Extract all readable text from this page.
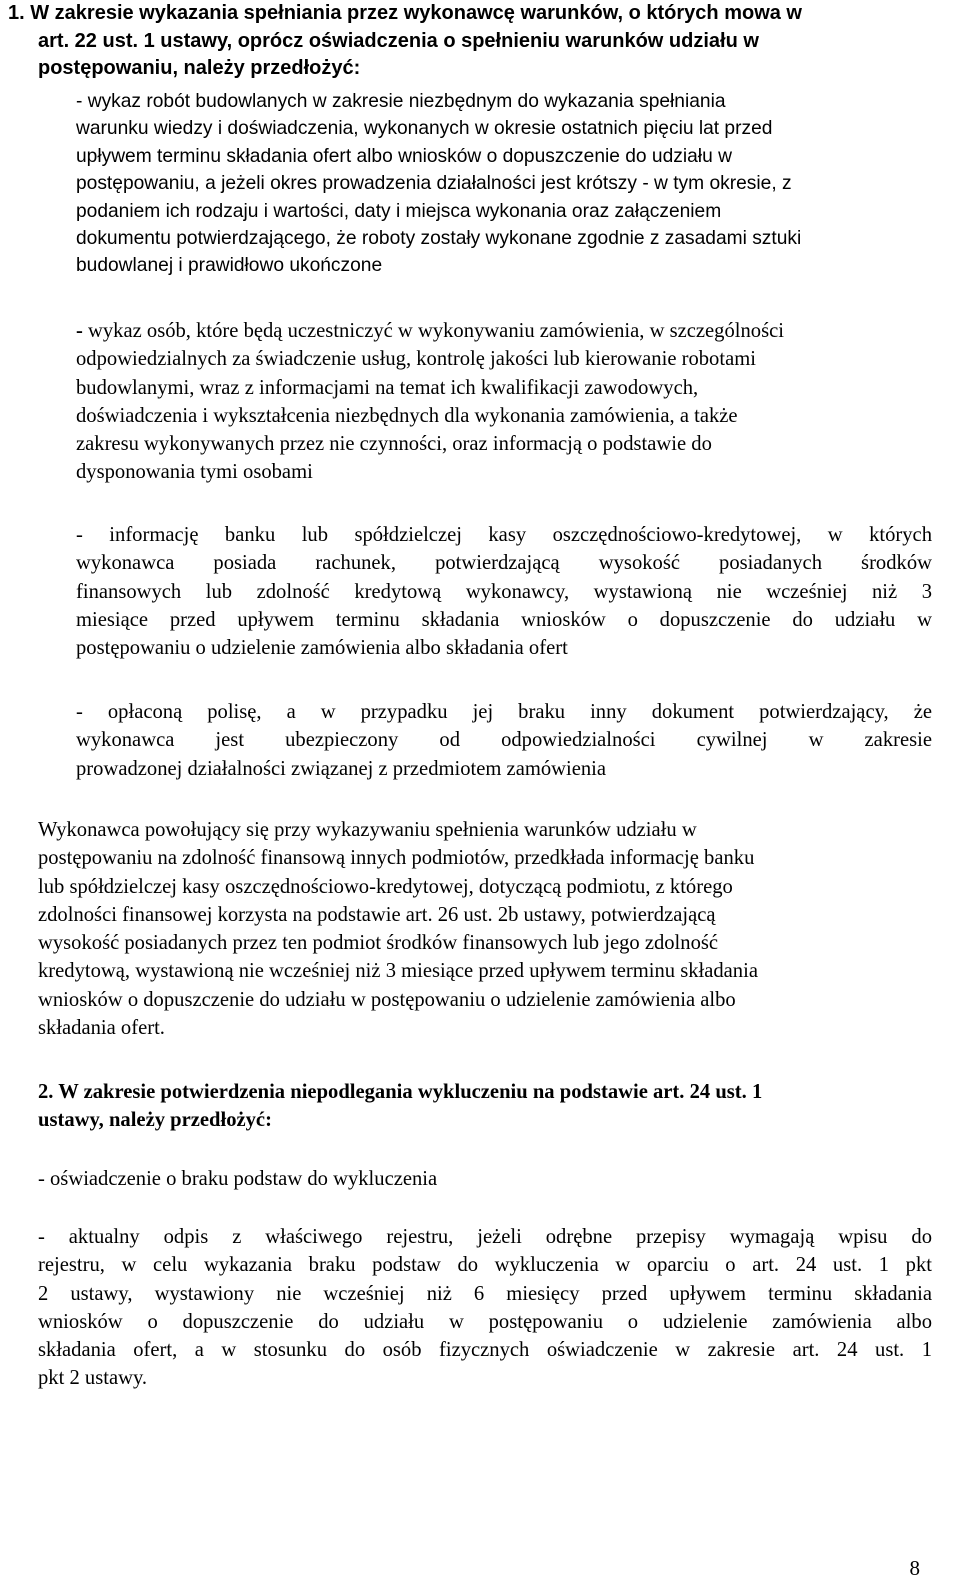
1. W zakresie wykazania spełniania przez wykonawcę warunków, o których mowa w
art. 22 ust. 1 ustawy, oprócz oświadczenia o spełnieniu warunków udziału w
postępowaniu, należy przedłożyć:
- wykaz robót budowlanych w zakresie niezbędnym do wykazania spełniania
warunku wiedzy i doświadczenia, wykonanych w okresie ostatnich pięciu lat przed
upływem terminu składania ofert albo wniosków o dopuszczenie do udziału w
postępowaniu, a jeżeli okres prowadzenia działalności jest krótszy - w tym okresie, z
podaniem ich rodzaju i wartości, daty i miejsca wykonania oraz załączeniem
dokumentu potwierdzającego, że roboty zostały wykonane zgodnie z zasadami sztuki
budowlanej i prawidłowo ukończone
- wykaz osób, które będą uczestniczyć w wykonywaniu zamówienia, w szczególności
odpowiedzialnych za świadczenie usług, kontrolę jakości lub kierowanie robotami
budowlanymi, wraz z informacjami na temat ich kwalifikacji zawodowych,
doświadczenia i wykształcenia niezbędnych dla wykonania zamówienia, a także
zakresu wykonywanych przez nie czynności, oraz informacją o podstawie do
dysponowania tymi osobami
- informację banku lub spółdzielczej kasy oszczędnościowo-kredytowej, w których
wykonawca posiada rachunek, potwierdzającą wysokość posiadanych środków
finansowych lub zdolność kredytową wykonawcy, wystawioną nie wcześniej niż 3
miesiące przed upływem terminu składania wniosków o dopuszczenie do udziału w
postępowaniu o udzielenie zamówienia albo składania ofert
- opłaconą polisę, a w przypadku jej braku inny dokument potwierdzający, że
wykonawca jest ubezpieczony od odpowiedzialności cywilnej w zakresie
prowadzonej działalności związanej z przedmiotem zamówienia
Wykonawca powołujący się przy wykazywaniu spełnienia warunków udziału w
postępowaniu na zdolność finansową innych podmiotów, przedkłada informację banku
lub spółdzielczej kasy oszczędnościowo-kredytowej, dotyczącą podmiotu, z którego
zdolności finansowej korzysta na podstawie art. 26 ust. 2b ustawy, potwierdzającą
wysokość posiadanych przez ten podmiot środków finansowych lub jego zdolność
kredytową, wystawioną nie wcześniej niż 3 miesiące przed upływem terminu składania
wniosków o dopuszczenie do udziału w postępowaniu o udzielenie zamówienia albo
składania ofert.
2. W zakresie potwierdzenia niepodlegania wykluczeniu na podstawie art. 24 ust. 1
ustawy, należy przedłożyć:
- oświadczenie o braku podstaw do wykluczenia
- aktualny odpis z właściwego rejestru, jeżeli odrębne przepisy wymagają wpisu do
rejestru, w celu wykazania braku podstaw do wykluczenia w oparciu o art. 24 ust. 1 pkt
2 ustawy, wystawiony nie wcześniej niż 6 miesięcy przed upływem terminu składania
wniosków o dopuszczenie do udziału w postępowaniu o udzielenie zamówienia albo
składania ofert, a w stosunku do osób fizycznych oświadczenie w zakresie art. 24 ust. 1
pkt 2 ustawy.
8
